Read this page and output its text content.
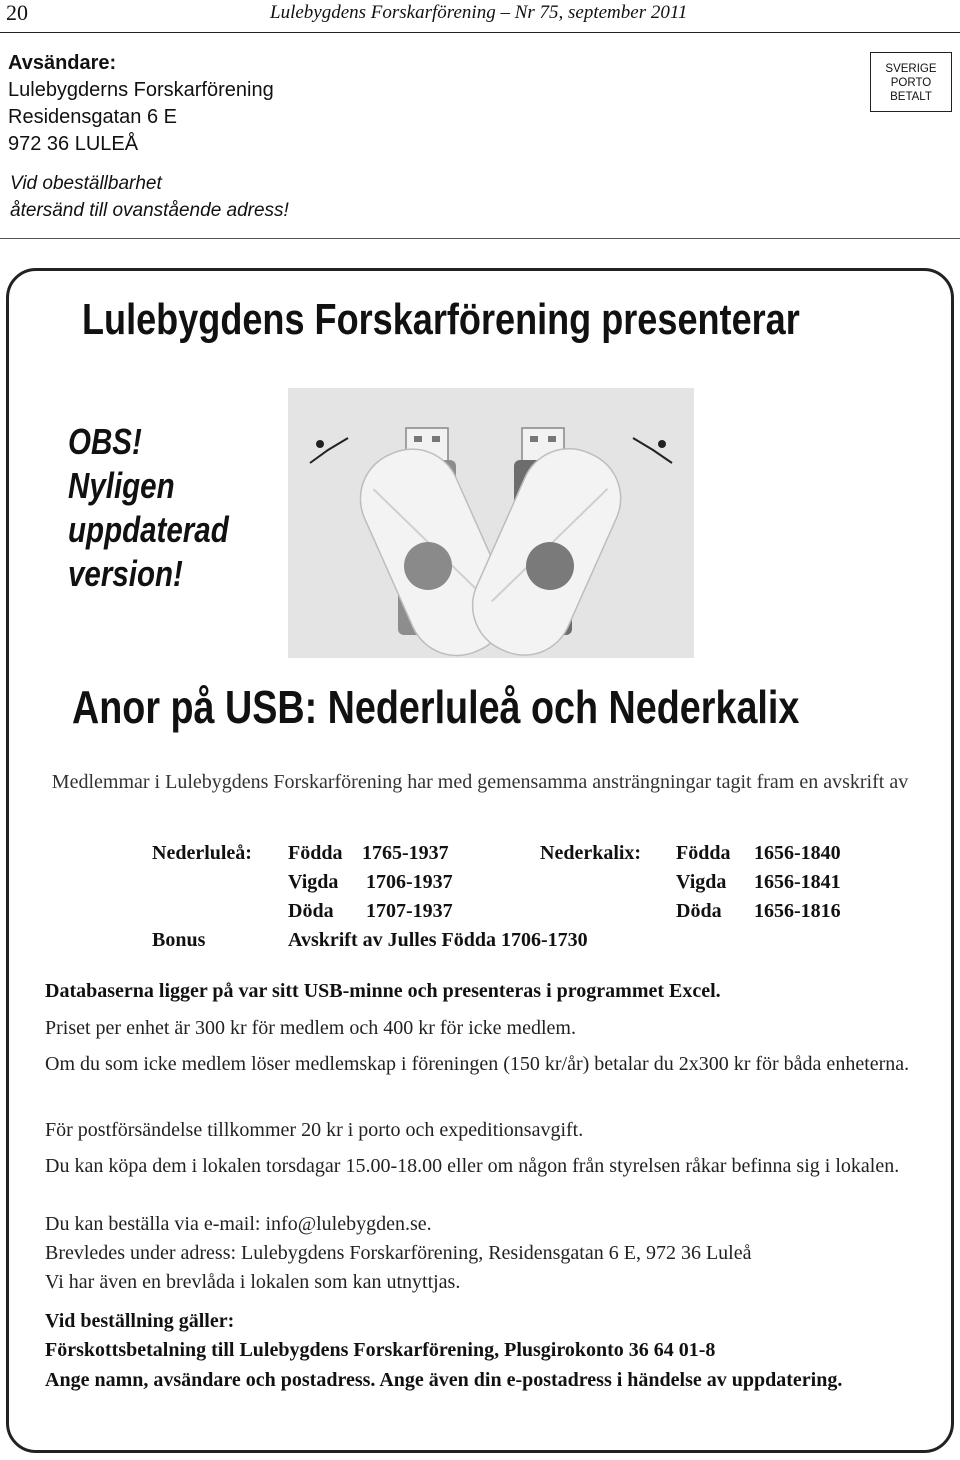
20	Lulebygdens Forskarförening – Nr 75, september 2011
Avsändare:
Lulebygderns Forskarförening
Residensgatan 6 E
972 36 LULEÅ
Vid obeställbarhet
återsänd till ovanstående adress!
SVERIGE
PORTO
BETALT
Lulebygdens Forskarförening presenterar
OBS!
Nyligen
uppdaterad
version!
Anor på USB: Nederluleå och Nederkalix
Medlemmar i Lulebygdens Forskarförening har med gemensamma ansträngningar tagit fram en avskrift av
Nederluleå: Födda 1765-1937
Vigda 1706-1937
Döda 1707-1937
Nederkalix: Födda 1656-1840
Vigda 1656-1841
Döda 1656-1816
Bonus	Avskrift av Julles Födda 1706-1730
Databaserna ligger på var sitt USB-minne och presenteras i programmet Excel.
Priset per enhet är 300 kr för medlem och 400 kr för icke medlem.
Om du som icke medlem löser medlemskap i föreningen (150 kr/år) betalar du 2x300 kr för båda enheterna.
För postförsändelse tillkommer 20 kr i porto och expeditionsavgift.
Du kan köpa dem i lokalen torsdagar 15.00-18.00 eller om någon från styrelsen råkar befinna sig i lokalen.
Du kan beställa via e-mail: info@lulebygden.se.
Brevledes under adress: Lulebygdens Forskarförening, Residensgatan 6 E, 972 36 Luleå
Vi har även en brevlåda i lokalen som kan utnyttjas.
Vid beställning gäller:
Förskottsbetalning till Lulebygdens Forskarförening, Plusgirokonto 36 64 01-8
Ange namn, avsändare och postadress. Ange även din e-postadress i händelse av uppdatering.
